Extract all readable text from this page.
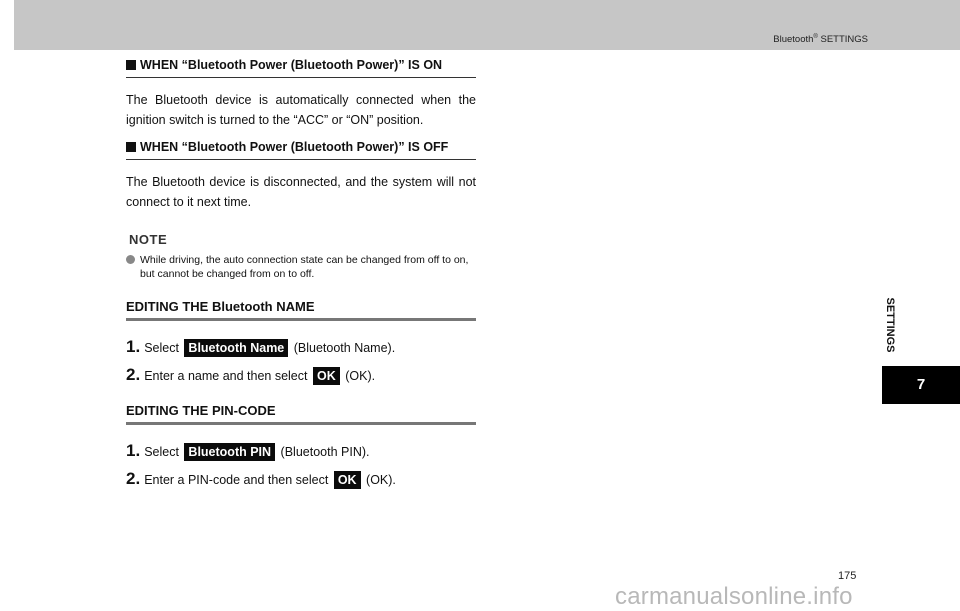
Bluetooth® SETTINGS
WHEN “Bluetooth Power (Bluetooth Power)” IS ON
The Bluetooth device is automatically connected when the ignition switch is turned to the “ACC” or “ON” position.
WHEN “Bluetooth Power (Bluetooth Power)” IS OFF
The Bluetooth device is disconnected, and the system will not connect to it next time.
NOTE
While driving, the auto connection state can be changed from off to on, but cannot be changed from on to off.
EDITING THE Bluetooth NAME
1. Select Bluetooth Name (Bluetooth Name).
2. Enter a name and then select OK (OK).
EDITING THE PIN-CODE
1. Select Bluetooth PIN (Bluetooth PIN).
2. Enter a PIN-code and then select OK (OK).
SETTINGS
7
175
carmanualsonline.info
